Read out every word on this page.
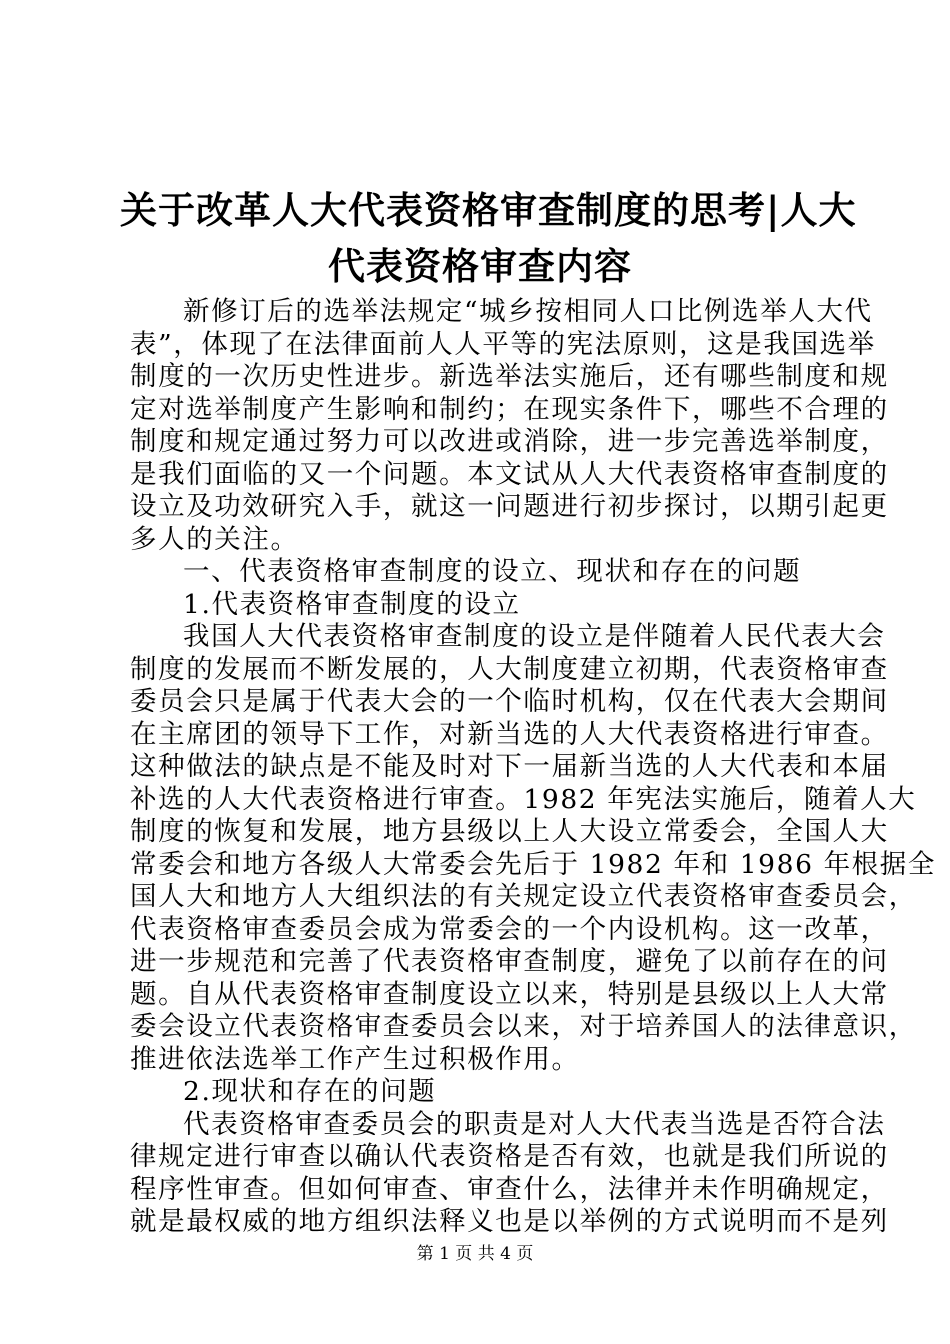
关于改革人大代表资格审查制度的思考|人大
代表资格审查内容
新修订后的选举法规定“城乡按相同人口比例选举人大代
表”，体现了在法律面前人人平等的宪法原则，这是我国选举
制度的一次历史性进步。新选举法实施后，还有哪些制度和规
定对选举制度产生影响和制约；在现实条件下，哪些不合理的
制度和规定通过努力可以改进或消除，进一步完善选举制度，
是我们面临的又一个问题。本文试从人大代表资格审查制度的
设立及功效研究入手，就这一问题进行初步探讨，以期引起更
多人的关注。
一、代表资格审查制度的设立、现状和存在的问题
1.代表资格审查制度的设立
我国人大代表资格审查制度的设立是伴随着人民代表大会
制度的发展而不断发展的，人大制度建立初期，代表资格审查
委员会只是属于代表大会的一个临时机构，仅在代表大会期间
在主席团的领导下工作，对新当选的人大代表资格进行审查。
这种做法的缺点是不能及时对下一届新当选的人大代表和本届
补选的人大代表资格进行审查。1982 年宪法实施后，随着人大
制度的恢复和发展，地方县级以上人大设立常委会，全国人大
常委会和地方各级人大常委会先后于 1982 年和 1986 年根据全
国人大和地方人大组织法的有关规定设立代表资格审查委员会，
代表资格审查委员会成为常委会的一个内设机构。这一改革，
进一步规范和完善了代表资格审查制度，避免了以前存在的问
题。自从代表资格审查制度设立以来，特别是县级以上人大常
委会设立代表资格审查委员会以来，对于培养国人的法律意识，
推进依法选举工作产生过积极作用。
2.现状和存在的问题
代表资格审查委员会的职责是对人大代表当选是否符合法
律规定进行审查以确认代表资格是否有效，也就是我们所说的
程序性审查。但如何审查、审查什么，法律并未作明确规定，
就是最权威的地方组织法释义也是以举例的方式说明而不是列
第 1 页 共 4 页
